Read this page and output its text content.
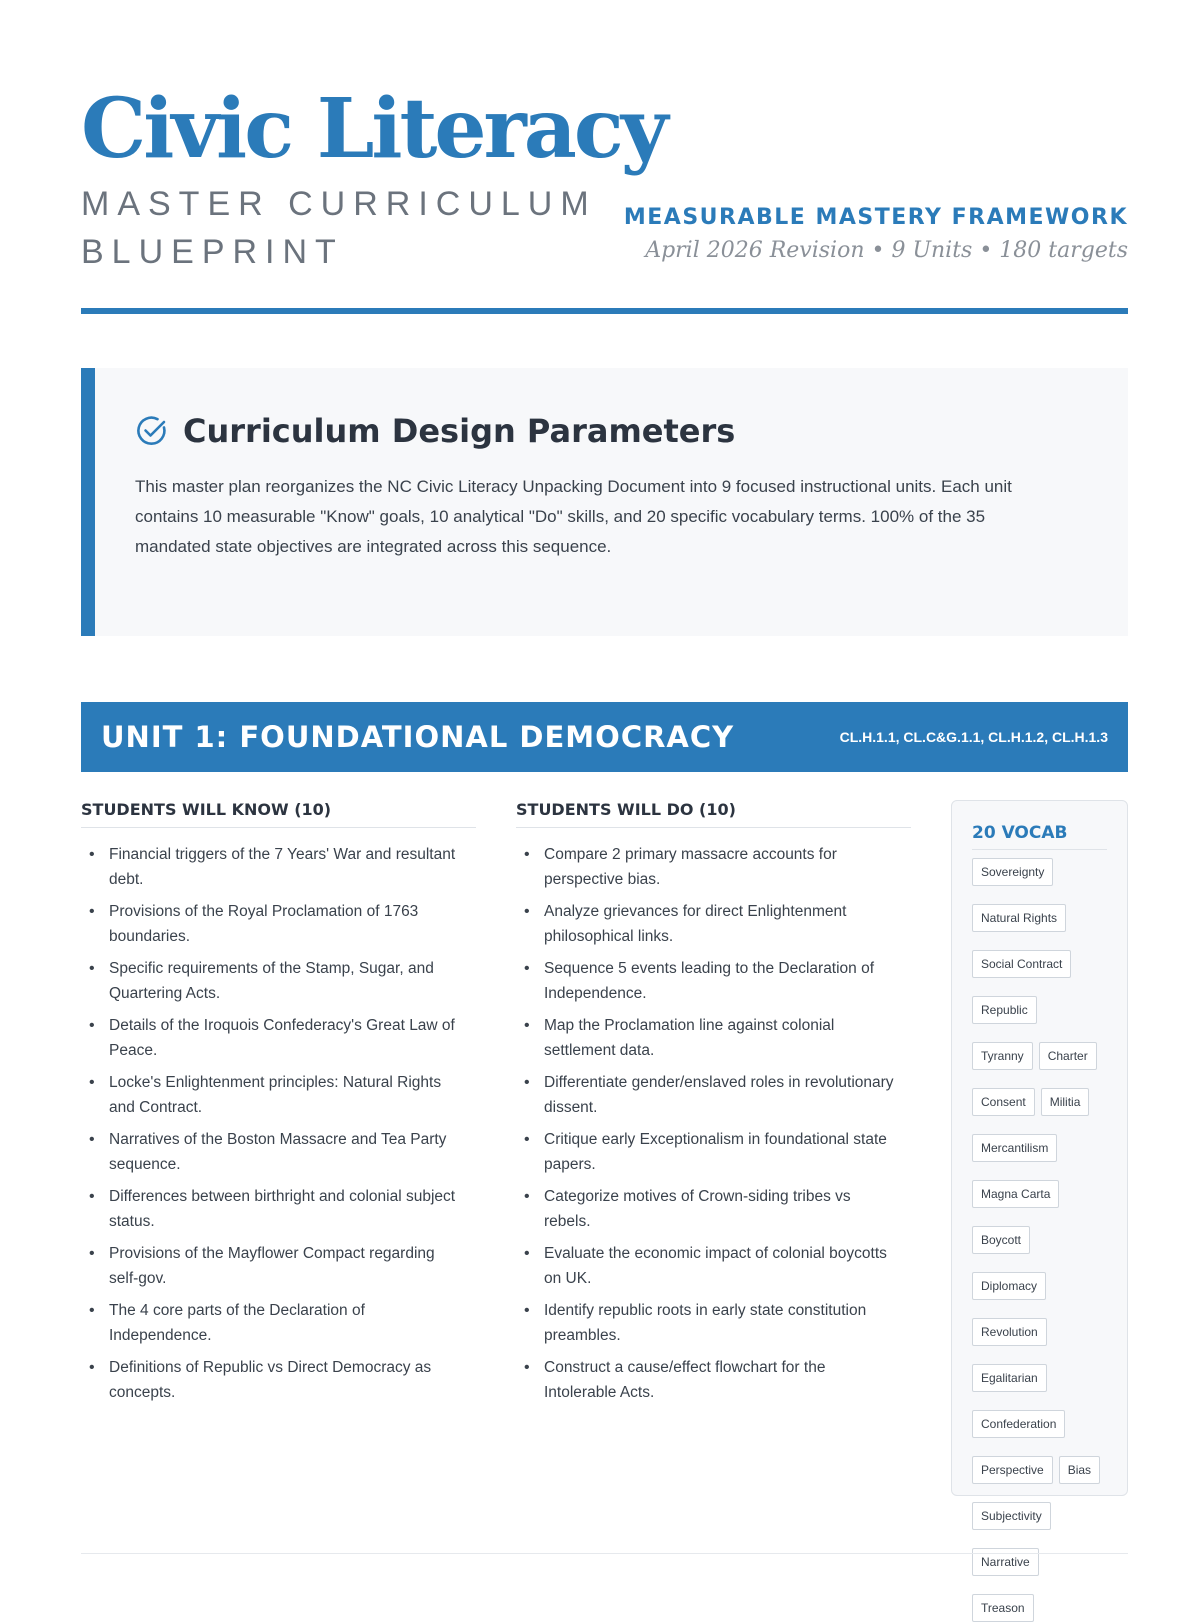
Civic Literacy
MASTER CURRICULUM BLUEPRINT
MEASURABLE MASTERY FRAMEWORK
April 2026 Revision • 9 Units • 180 targets
Curriculum Design Parameters
This master plan reorganizes the NC Civic Literacy Unpacking Document into 9 focused instructional units. Each unit contains 10 measurable "Know" goals, 10 analytical "Do" skills, and 20 specific vocabulary terms. 100% of the 35 mandated state objectives are integrated across this sequence.
UNIT 1: FOUNDATIONAL DEMOCRACY	CL.H.1.1, CL.C&G.1.1, CL.H.1.2, CL.H.1.3
STUDENTS WILL KNOW (10)
• Financial triggers of the 7 Years' War and resultant debt.
• Provisions of the Royal Proclamation of 1763 boundaries.
• Specific requirements of the Stamp, Sugar, and Quartering Acts.
• Details of the Iroquois Confederacy's Great Law of Peace.
• Locke's Enlightenment principles: Natural Rights and Contract.
• Narratives of the Boston Massacre and Tea Party sequence.
• Differences between birthright and colonial subject status.
• Provisions of the Mayflower Compact regarding self-gov.
• The 4 core parts of the Declaration of Independence.
• Definitions of Republic vs Direct Democracy as concepts.
STUDENTS WILL DO (10)
• Compare 2 primary massacre accounts for perspective bias.
• Analyze grievances for direct Enlightenment philosophical links.
• Sequence 5 events leading to the Declaration of Independence.
• Map the Proclamation line against colonial settlement data.
• Differentiate gender/enslaved roles in revolutionary dissent.
• Critique early Exceptionalism in foundational state papers.
• Categorize motives of Crown-siding tribes vs rebels.
• Evaluate the economic impact of colonial boycotts on UK.
• Identify republic roots in early state constitution preambles.
• Construct a cause/effect flowchart for the Intolerable Acts.
20 VOCAB
Sovereignty
Natural Rights
Social Contract
Republic
Tyranny	Charter
Consent	Militia
Mercantilism
Magna Carta
Boycott
Diplomacy
Revolution
Egalitarian
Confederation
Perspective	Bias
Subjectivity
Narrative
Treason
